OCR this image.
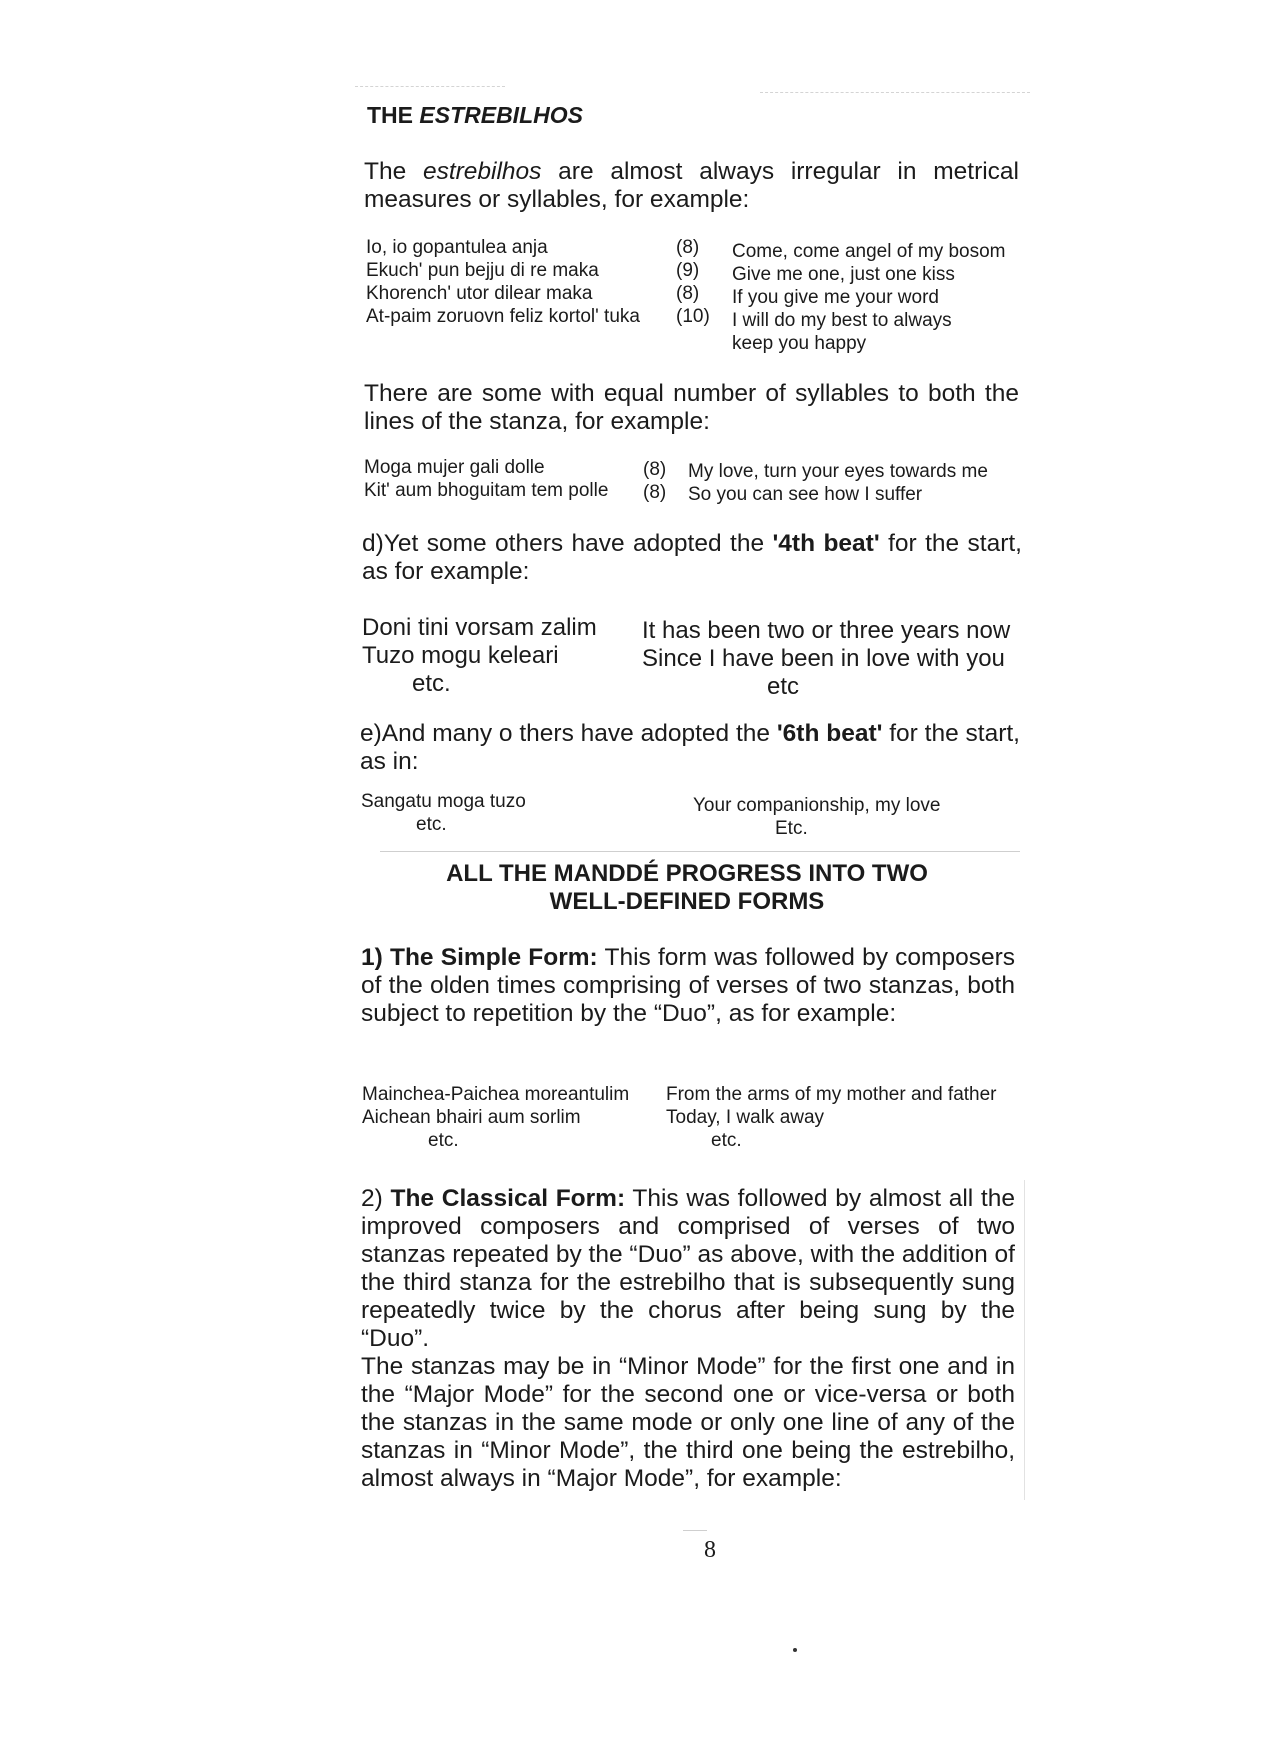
THE ESTREBILHOS
The estrebilhos are almost always irregular in metrical measures or syllables, for example:
Io, io gopantulea anja
Ekuch' pun bejju di re maka
Khorench' utor dilear maka
At-paim zoruovn feliz kortol' tuka
(8)
(9)
(8)
(10)
Come, come angel of my bosom
Give me one, just one kiss
If you give me your word
I will do my best to always
keep you happy
There are some with equal number of syllables to both the lines of the stanza, for example:
Moga mujer gali dolle
Kit' aum bhoguitam tem polle
(8)
(8)
My love, turn your eyes towards me
So you can see how I suffer
d)Yet some others have adopted the '4th beat' for the start, as for example:
Doni tini vorsam zalim
Tuzo mogu keleari
etc.
It has been two or three years now
Since I have been in love with you
etc
e)And many o thers have adopted the '6th beat' for the start, as in:
Sangatu moga tuzo
etc.
Your companionship, my love
Etc.
ALL THE MANDDÉ PROGRESS INTO TWO
WELL-DEFINED FORMS
1) The Simple Form: This form was followed by composers of the olden times comprising of verses of two stanzas, both subject to repetition by the “Duo”, as for example:
Mainchea-Paichea moreantulim
Aichean bhairi aum sorlim
etc.
From the arms of my mother and father
Today, I walk away
etc.
2) The Classical Form: This was followed by almost all the improved composers and comprised of verses of two stanzas repeated by the “Duo” as above, with the addition of the third stanza for the estrebilho that is subsequently sung repeatedly twice by the chorus after being sung by the “Duo”.
The stanzas may be in “Minor Mode” for the first one and in the “Major Mode” for the second one or vice-versa or both the stanzas in the same mode or only one line of any of the stanzas in “Minor Mode”, the third one being the estrebilho, almost always in “Major Mode”, for example:
8
